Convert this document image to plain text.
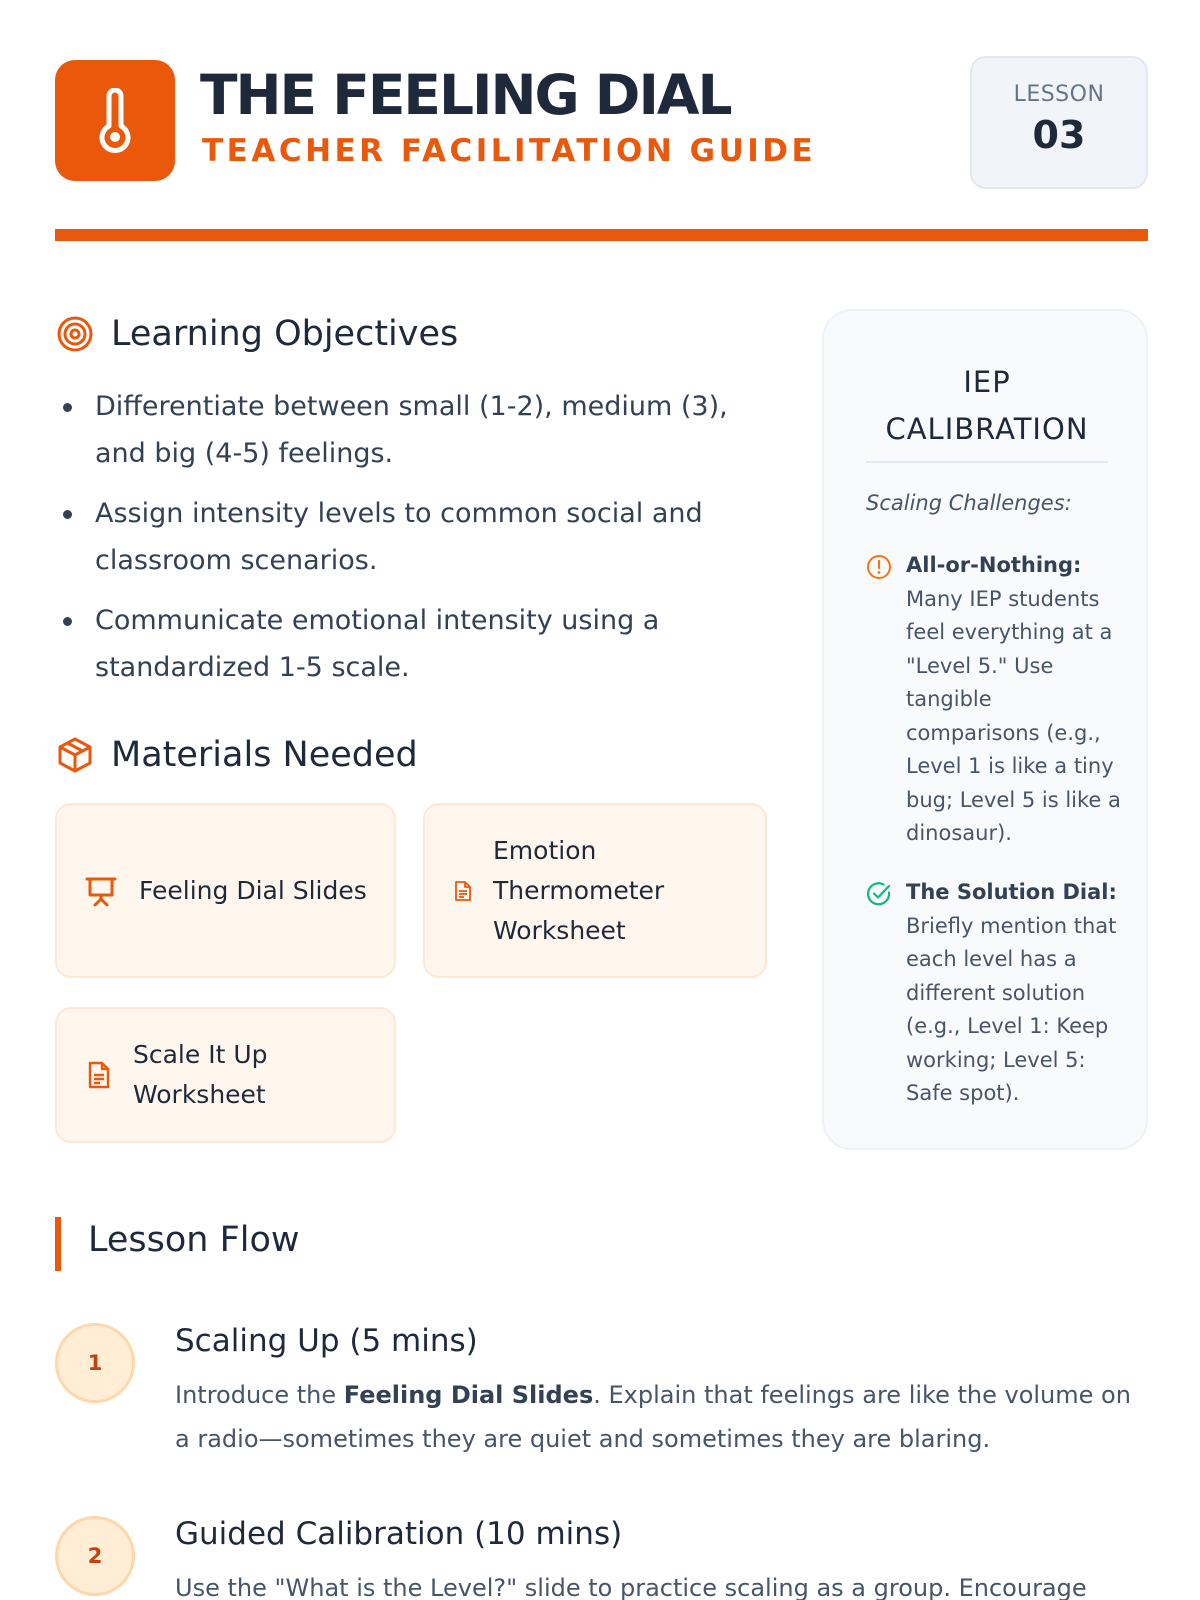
THE FEELING DIAL
TEACHER FACILITATION GUIDE
LESSON
03
Learning Objectives
Differentiate between small (1-2), medium (3), and big (4-5) feelings.
Assign intensity levels to common social and classroom scenarios.
Communicate emotional intensity using a standardized 1-5 scale.
Materials Needed
Feeling Dial Slides
Emotion Thermometer Worksheet
Scale It Up Worksheet
IEP CALIBRATION
Scaling Challenges:
All-or-Nothing: Many IEP students feel everything at a "Level 5." Use tangible comparisons (e.g., Level 1 is like a tiny bug; Level 5 is like a dinosaur).
The Solution Dial: Briefly mention that each level has a different solution (e.g., Level 1: Keep working; Level 5: Safe spot).
Lesson Flow
1
Scaling Up (5 mins)
Introduce the Feeling Dial Slides. Explain that feelings are like the volume on a radio—sometimes they are quiet and sometimes they are blaring.
2
Guided Calibration (10 mins)
Use the "What is the Level?" slide to practice scaling as a group. Encourage
